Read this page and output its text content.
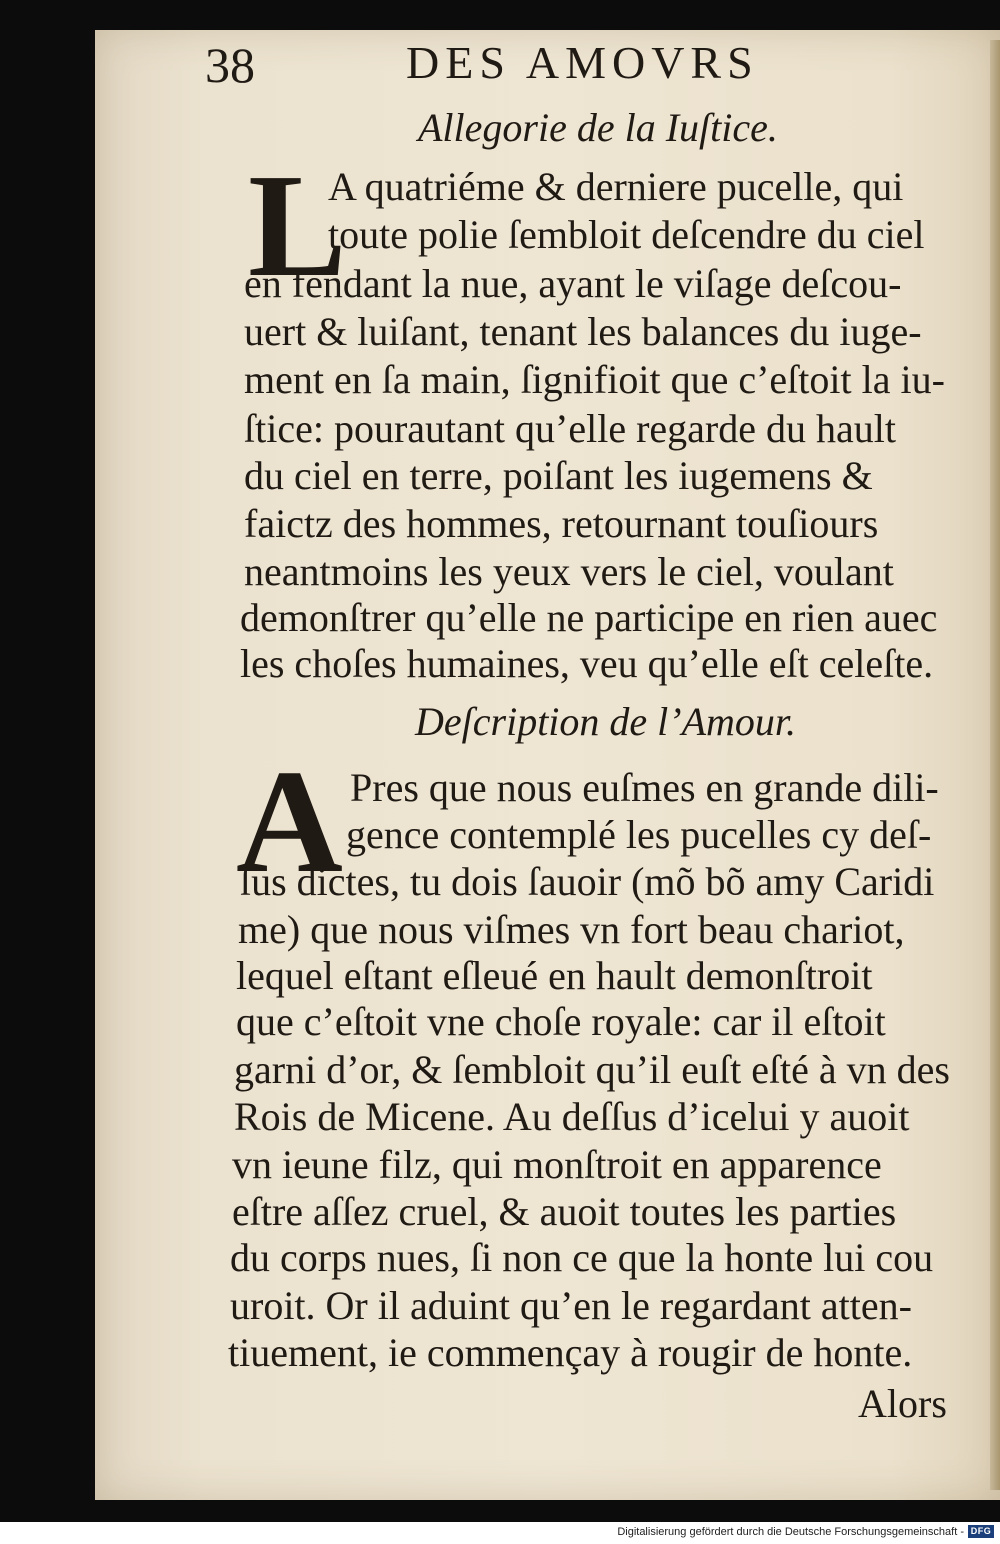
38	DES AMOVRS
Allegorie de la Iuſtice.
L
A quatriéme & derniere pucelle, qui
toute polie ſembloit deſcendre du ciel
en fendant la nue, ayant le viſage deſcou-
uert & luiſant, tenant les balances du iuge-
ment en ſa main, ſignifioit que c’eſtoit la iu-
ſtice: pourautant qu’elle regarde du hault
du ciel en terre, poiſant les iugemens &
faictz des hommes, retournant touſiours
neantmoins les yeux vers le ciel, voulant
demonſtrer qu’elle ne participe en rien auec
les choſes humaines, veu qu’elle eſt celeſte.
Deſcription de l’Amour.
A Pres que nous euſmes en grande dili-
gence contemplé les pucelles cy deſ-
ſus dictes, tu dois ſauoir (mõ bõ amy Caridi
me) que nous viſmes vn fort beau chariot,
lequel eſtant eſleué en hault demonſtroit
que c’eſtoit vne choſe royale: car il eſtoit
garni d’or, & ſembloit qu’il euſt eſté à vn des
Rois de Micene. Au deſſus d’icelui y auoit
vn ieune filz, qui monſtroit en apparence
eſtre aſſez cruel, & auoit toutes les parties
du corps nues, ſi non ce que la honte lui cou
uroit. Or il aduint qu’en le regardant atten-
tiuement, ie commençay à rougir de honte.
Alors
Digitalisierung gefördert durch die Deutsche Forschungsgemeinschaft - DFG
